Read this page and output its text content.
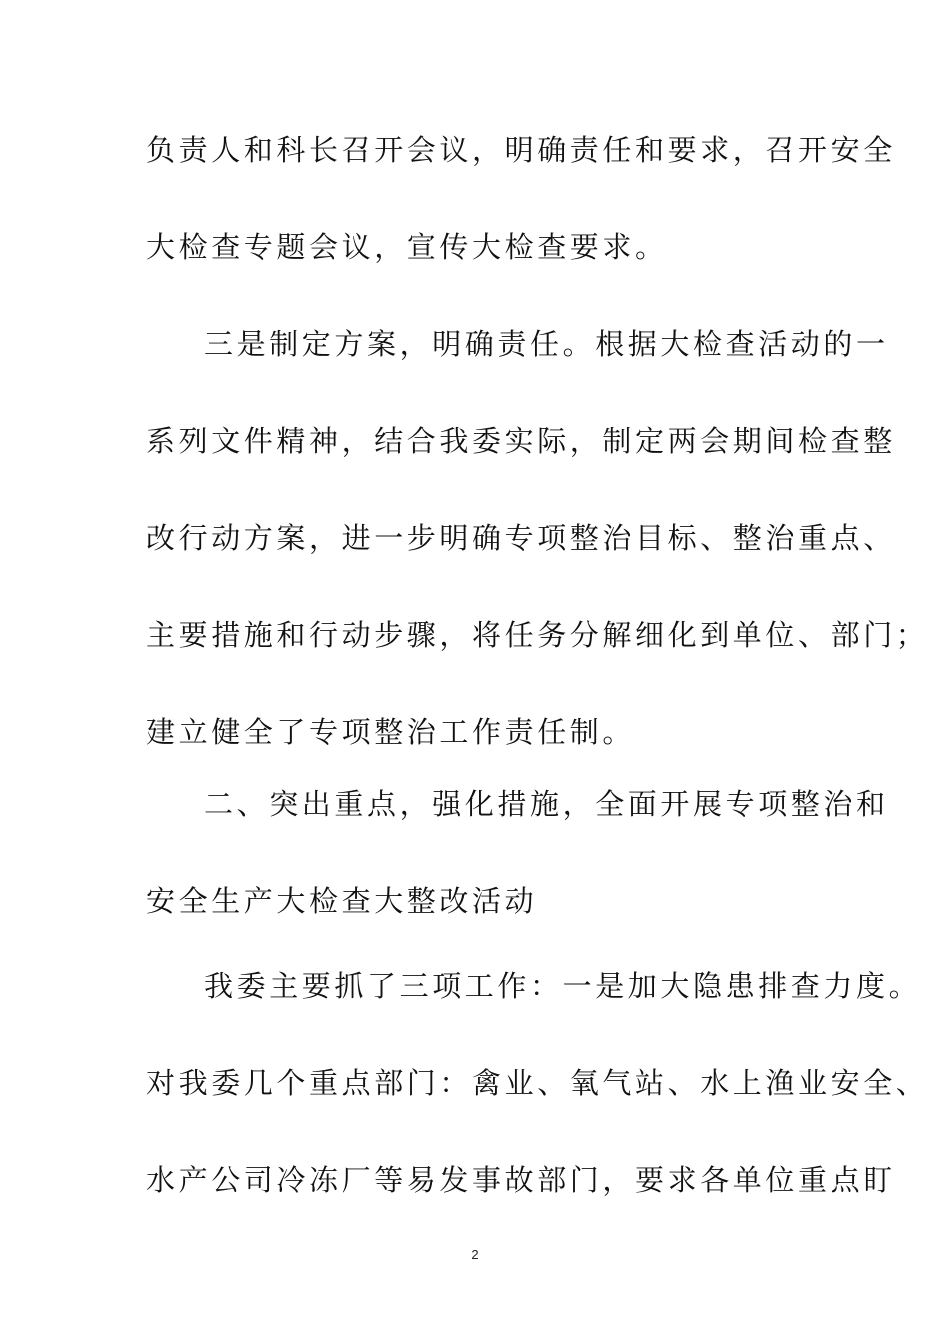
负责人和科长召开会议，明确责任和要求，召开安全
大检查专题会议，宣传大检查要求。
三是制定方案，明确责任。根据大检查活动的一
系列文件精神，结合我委实际，制定两会期间检查整
改行动方案，进一步明确专项整治目标、整治重点、
主要措施和行动步骤，将任务分解细化到单位、部门；
建立健全了专项整治工作责任制。
二、突出重点，强化措施，全面开展专项整治和
安全生产大检查大整改活动
我委主要抓了三项工作：一是加大隐患排查力度。
对我委几个重点部门：禽业、氧气站、水上渔业安全、
水产公司冷冻厂等易发事故部门，要求各单位重点盯
2
